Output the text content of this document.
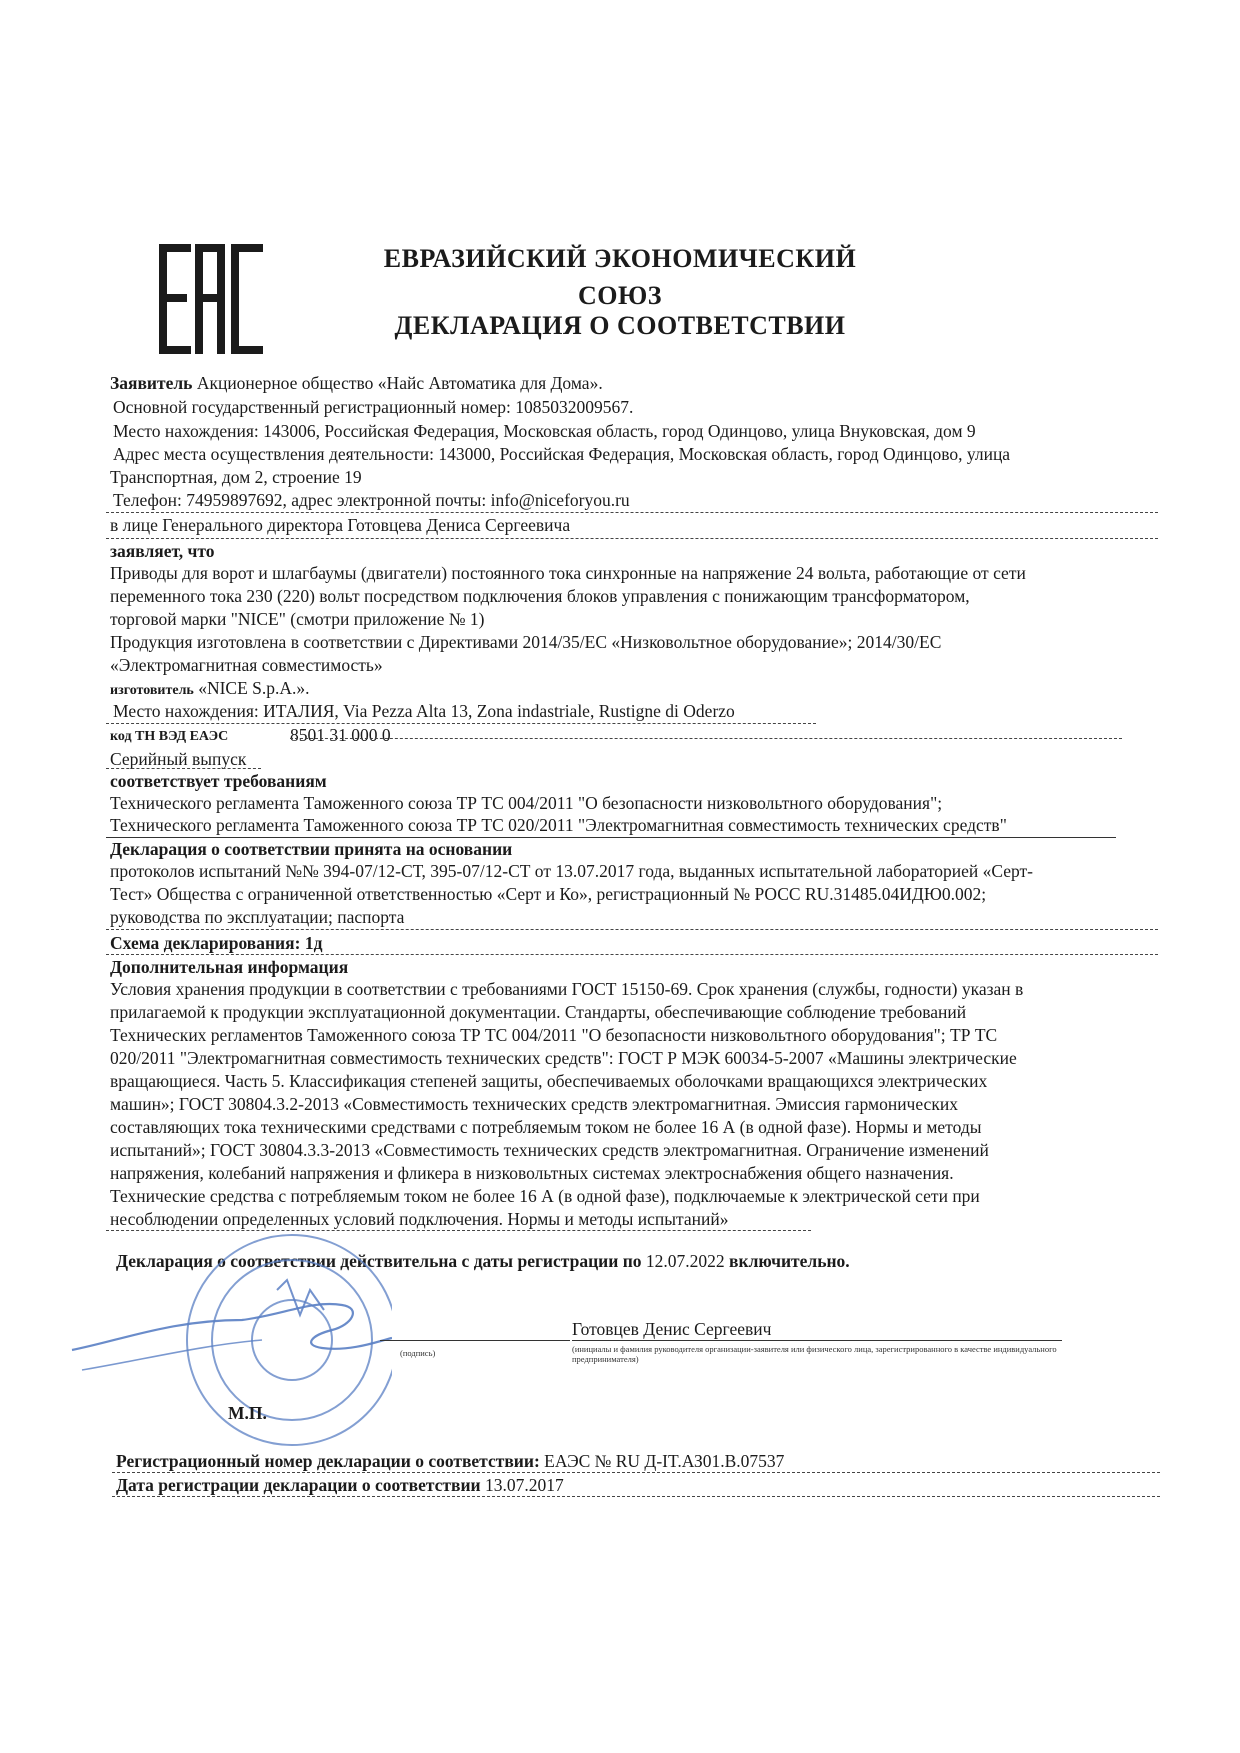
ЕВРАЗИЙСКИЙ ЭКОНОМИЧЕСКИЙ
СОЮЗ
ДЕКЛАРАЦИЯ О СООТВЕТСТВИИ
Заявитель Акционерное общество «Найс Автоматика для Дома».
Основной государственный регистрационный номер: 1085032009567.
Место нахождения: 143006, Российская Федерация, Московская область, город Одинцово, улица Внуковская, дом 9
Адрес места осуществления деятельности: 143000, Российская Федерация, Московская область, город Одинцово, улица
Транспортная, дом 2, строение 19
Телефон: 74959897692, адрес электронной почты: info@niceforyou.ru
в лице Генерального директора Готовцева Дениса Сергеевича
заявляет, что
Приводы для ворот и шлагбаумы (двигатели) постоянного тока синхронные на напряжение 24 вольта, работающие от сети
переменного тока 230 (220) вольт посредством подключения блоков управления с понижающим трансформатором,
торговой марки "NICE" (смотри приложение № 1)
Продукция изготовлена в соответствии с Директивами 2014/35/ЕС «Низковольтное оборудование»; 2014/30/ЕС
«Электромагнитная совместимость»
изготовитель «NICE S.p.A.».
Место нахождения: ИТАЛИЯ, Via Pezza Alta 13, Zona indastriale, Rustigne di Oderzo
код ТН ВЭД ЕАЭС	8501 31 000 0
Серийный выпуск
соответствует требованиям
Технического регламента Таможенного союза ТР ТС 004/2011 "О безопасности низковольтного оборудования";
Технического регламента Таможенного союза ТР ТС 020/2011 "Электромагнитная совместимость технических средств"
Декларация о соответствии принята на основании
протоколов испытаний №№ 394-07/12-СТ, 395-07/12-СТ от 13.07.2017 года, выданных испытательной лабораторией «Серт-
Тест» Общества с ограниченной ответственностью «Серт и Ко», регистрационный № РОСС RU.31485.04ИДЮ0.002;
руководства по эксплуатации; паспорта
Схема декларирования: 1д
Дополнительная информация
Условия хранения продукции в соответствии с требованиями ГОСТ 15150-69. Срок хранения (службы, годности) указан в
прилагаемой к продукции эксплуатационной документации. Стандарты, обеспечивающие соблюдение требований
Технических регламентов Таможенного союза ТР ТС 004/2011 "О безопасности низковольтного оборудования"; ТР ТС
020/2011 "Электромагнитная совместимость технических средств": ГОСТ Р МЭК 60034-5-2007 «Машины электрические
вращающиеся. Часть 5. Классификация степеней защиты, обеспечиваемых оболочками вращающихся электрических
машин»; ГОСТ 30804.3.2-2013 «Совместимость технических средств электромагнитная. Эмиссия гармонических
составляющих тока техническими средствами с потребляемым током не более 16 А (в одной фазе). Нормы и методы
испытаний»; ГОСТ 30804.3.3-2013 «Совместимость технических средств электромагнитная. Ограничение изменений
напряжения, колебаний напряжения и фликера в низковольтных системах электроснабжения общего назначения.
Технические средства с потребляемым током не более 16 А (в одной фазе), подключаемые к электрической сети при
несоблюдении определенных условий подключения. Нормы и методы испытаний»
Декларация о соответствии действительна с даты регистрации по 12.07.2022 включительно.
Готовцев Денис Сергеевич
(подпись)	(инициалы и фамилия руководителя организации-заявителя или физического лица, зарегистрированного в качестве индивидуального предпринимателя)
М.П.
Регистрационный номер декларации о соответствии: ЕАЭС № RU Д-IT.АЗ01.В.07537
Дата регистрации декларации о соответствии 13.07.2017
